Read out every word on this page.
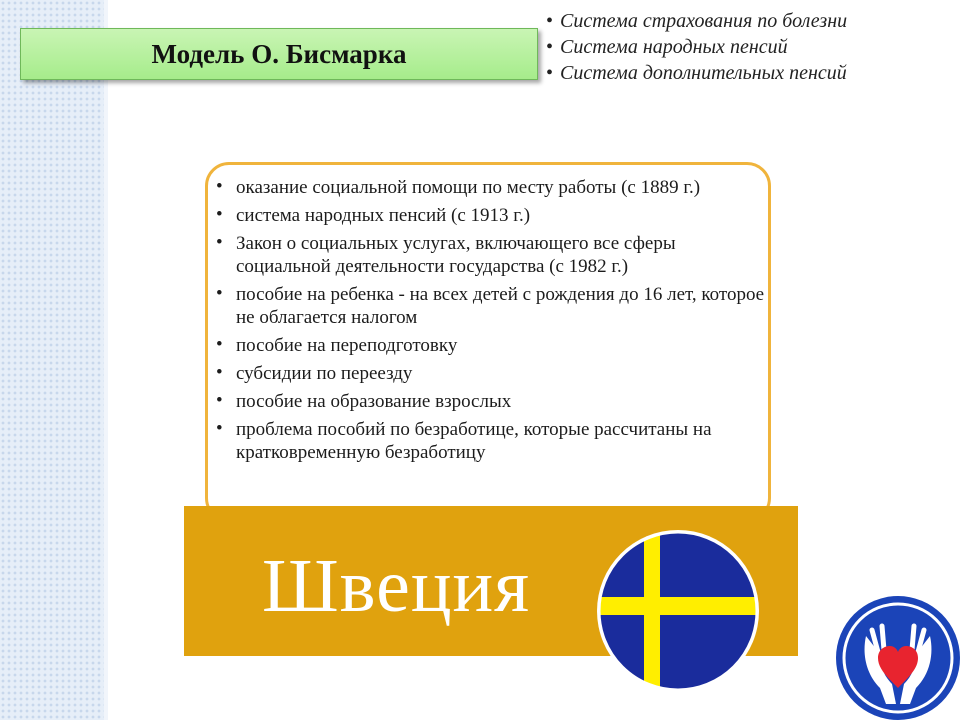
Модель О. Бисмарка
• Система страхования по болезни
• Система народных пенсий
• Система дополнительных пенсий
• оказание социальной помощи по месту работы (с 1889 г.)
• система народных пенсий (с 1913 г.)
• Закон о социальных услугах, включающего все сферы социальной деятельности государства (с 1982 г.)
• пособие на ребенка - на всех детей с рождения до 16 лет, которое не облагается налогом
• пособие на переподготовку
• субсидии по переезду
• пособие на образование взрослых
• проблема пособий по безработице, которые рассчитаны на кратковременную безработицу
Швеция
